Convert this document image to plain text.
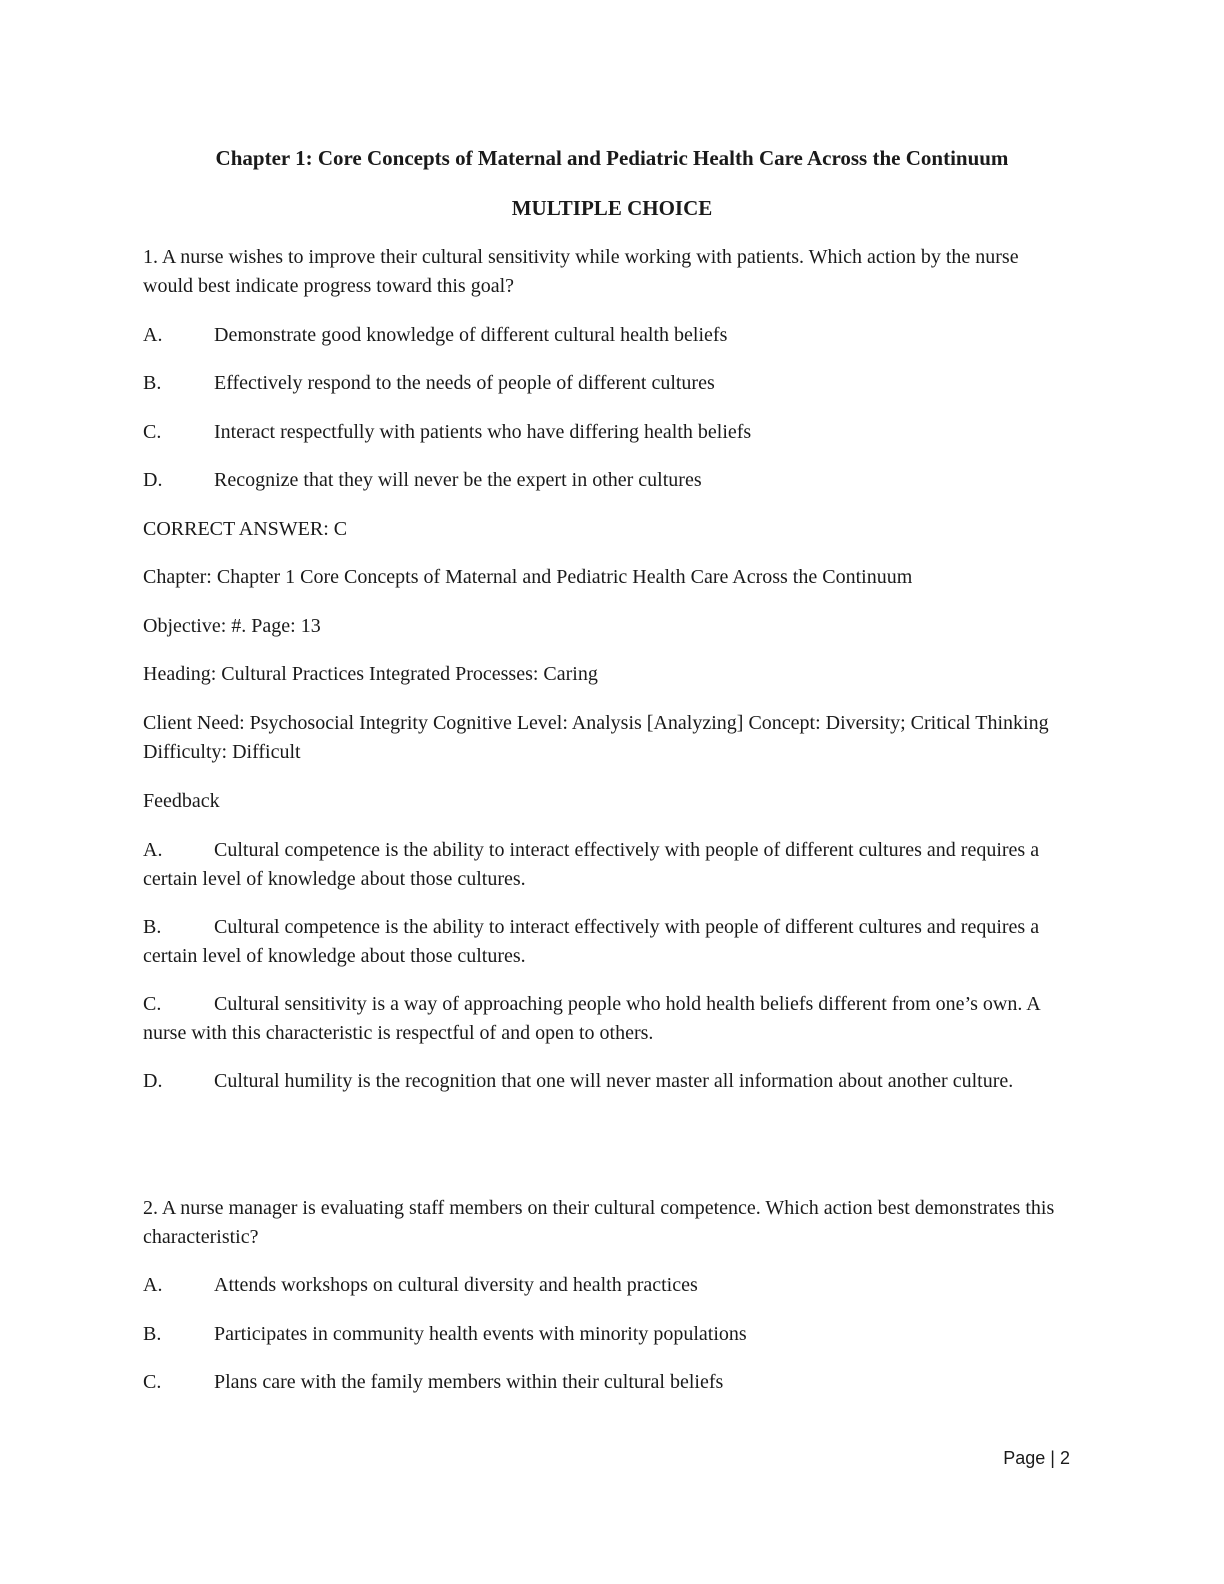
Chapter 1: Core Concepts of Maternal and Pediatric Health Care Across the Continuum
MULTIPLE CHOICE

1. A nurse wishes to improve their cultural sensitivity while working with patients. Which action by the nurse would best indicate progress toward this goal?

A.	Demonstrate good knowledge of different cultural health beliefs

B.	Effectively respond to the needs of people of different cultures

C.	Interact respectfully with patients who have differing health beliefs

D.	Recognize that they will never be the expert in other cultures

CORRECT ANSWER: C

Chapter: Chapter 1 Core Concepts of Maternal and Pediatric Health Care Across the Continuum

Objective: #. Page: 13

Heading: Cultural Practices Integrated Processes: Caring

Client Need: Psychosocial Integrity Cognitive Level: Analysis [Analyzing] Concept: Diversity; Critical Thinking Difficulty: Difficult

Feedback

A.	Cultural competence is the ability to interact effectively with people of different cultures and requires a certain level of knowledge about those cultures.

B.	Cultural competence is the ability to interact effectively with people of different cultures and requires a certain level of knowledge about those cultures.

C.	Cultural sensitivity is a way of approaching people who hold health beliefs different from one’s own. A nurse with this characteristic is respectful of and open to others.

D.	Cultural humility is the recognition that one will never master all information about another culture.

2. A nurse manager is evaluating staff members on their cultural competence. Which action best demonstrates this characteristic?

A.	Attends workshops on cultural diversity and health practices

B.	Participates in community health events with minority populations

C.	Plans care with the family members within their cultural beliefs

Page | 2
